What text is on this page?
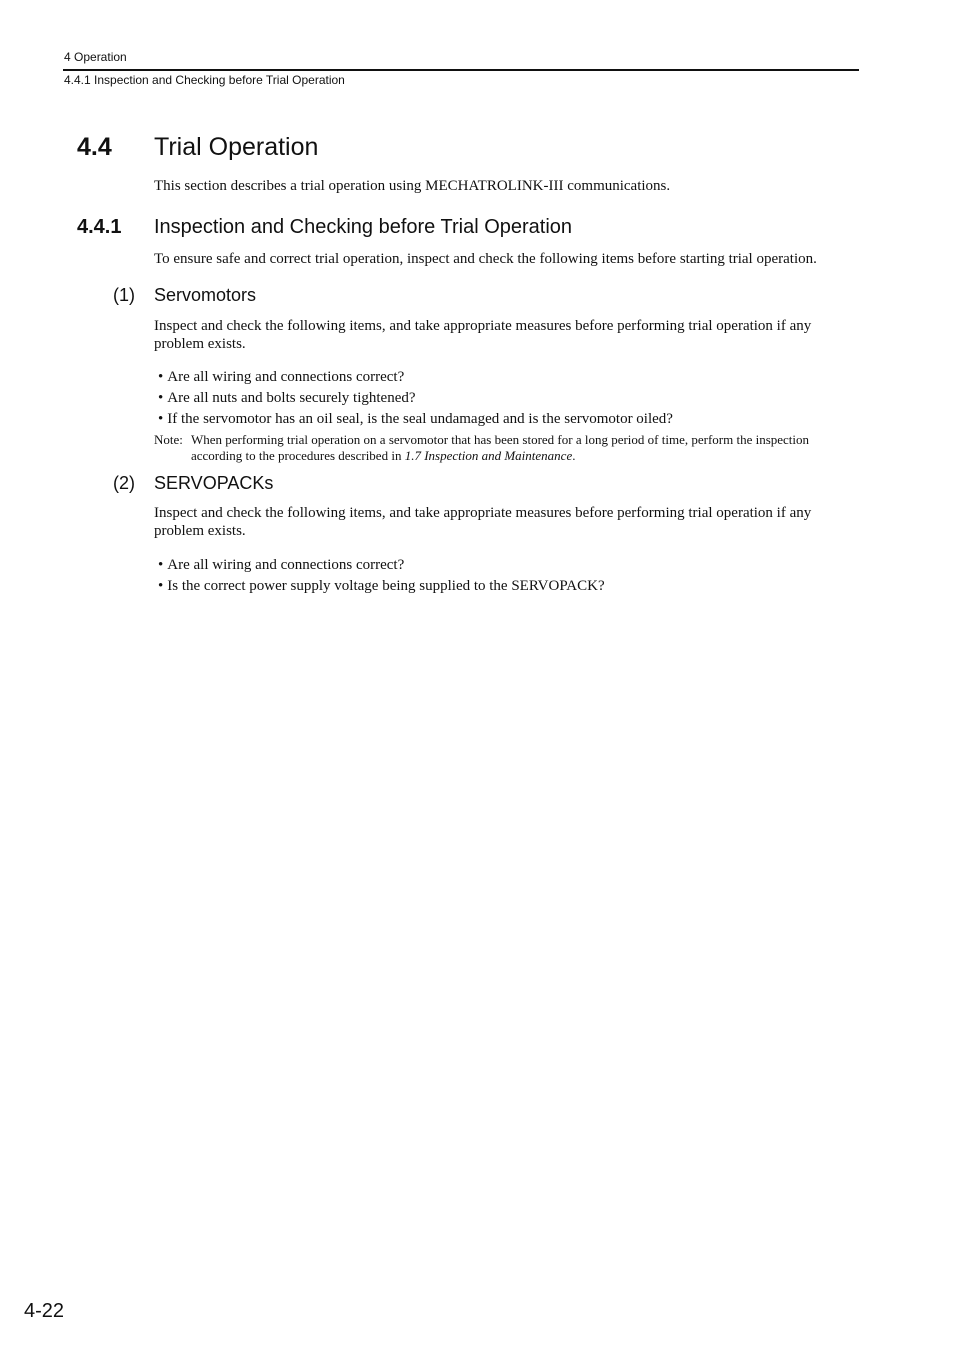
4 Operation
4.4.1 Inspection and Checking before Trial Operation
4.4 Trial Operation
This section describes a trial operation using MECHATROLINK-III communications.
4.4.1 Inspection and Checking before Trial Operation
To ensure safe and correct trial operation, inspect and check the following items before starting trial operation.
(1) Servomotors
Inspect and check the following items, and take appropriate measures before performing trial operation if any problem exists.
• Are all wiring and connections correct?
• Are all nuts and bolts securely tightened?
• If the servomotor has an oil seal, is the seal undamaged and is the servomotor oiled?
Note: When performing trial operation on a servomotor that has been stored for a long period of time, perform the inspection according to the procedures described in 1.7 Inspection and Maintenance.
(2) SERVOPACKs
Inspect and check the following items, and take appropriate measures before performing trial operation if any problem exists.
• Are all wiring and connections correct?
• Is the correct power supply voltage being supplied to the SERVOPACK?
4-22
